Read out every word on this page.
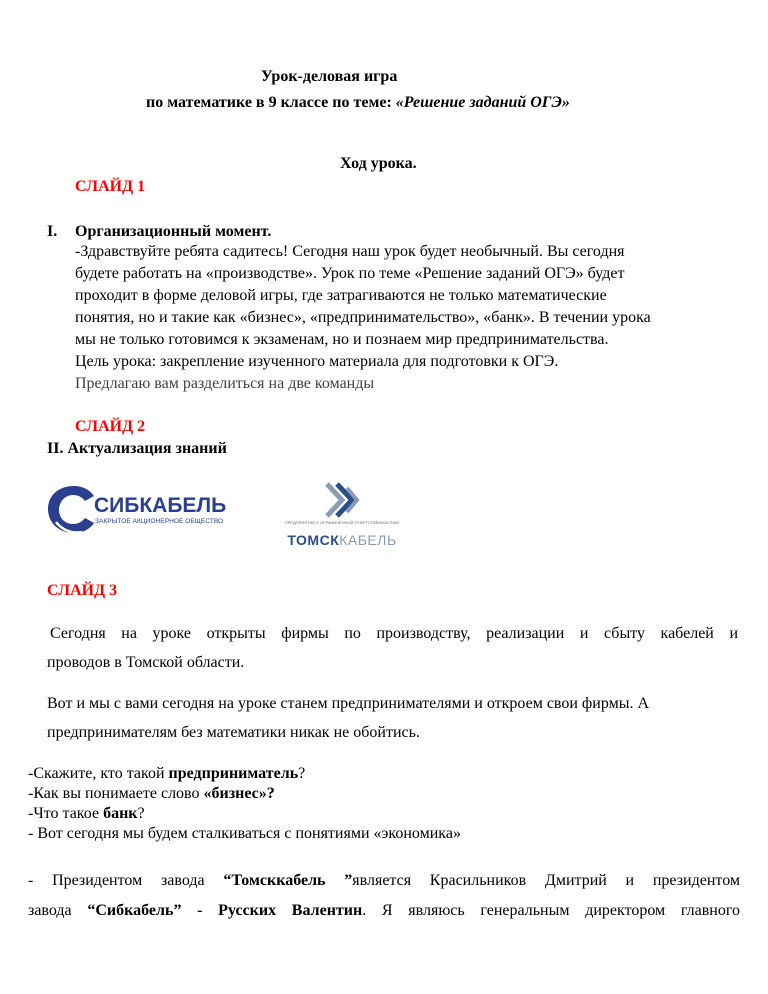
Урок-деловая игра
по математике в 9 классе по теме: «Решение заданий ОГЭ»
Ход урока.
СЛАЙД 1
I. Организационный момент.
-Здравствуйте ребята садитесь! Сегодня наш урок будет необычный. Вы сегодня
будете работать на «производстве». Урок по теме «Решение заданий ОГЭ» будет
проходит в форме деловой игры, где затрагиваются не только математические
понятия, но и такие как «бизнес», «предпринимательство», «банк». В течении урока
мы не только готовимся к экзаменам, но и познаем мир предпринимательства.
Цель урока: закрепление изученного материала для подготовки к ОГЭ.
Предлагаю вам разделиться на две команды
СЛАЙД 2
II. Актуализация знаний
СИБКАБЕЛЬ
ЗАКРЫТОЕ АКЦИОНЕРНОЕ ОБЩЕСТВО	ПРЕДПРИЯТИЕ С ОГРАНИЧЕННОЙ ОТВЕТСТВЕННОСТЬЮ
ТОМСККАБЕЛЬ
СЛАЙД 3
Сегодня на уроке открыты фирмы по производству, реализации и сбыту кабелей и
проводов в Томской области.
Вот и мы с вами сегодня на уроке станем предпринимателями и откроем свои фирмы. А
предпринимателям без математики никак не обойтись.
-Скажите, кто такой предприниматель?
-Как вы понимаете слово «бизнес»?
-Что такое банк?
- Вот сегодня мы будем сталкиваться с понятиями «экономика»
- Президентом завода “Томсккабель ”является Красильников Дмитрий и президентом
завода “Сибкабель” - Русских Валентин. Я являюсь генеральным директором главного
